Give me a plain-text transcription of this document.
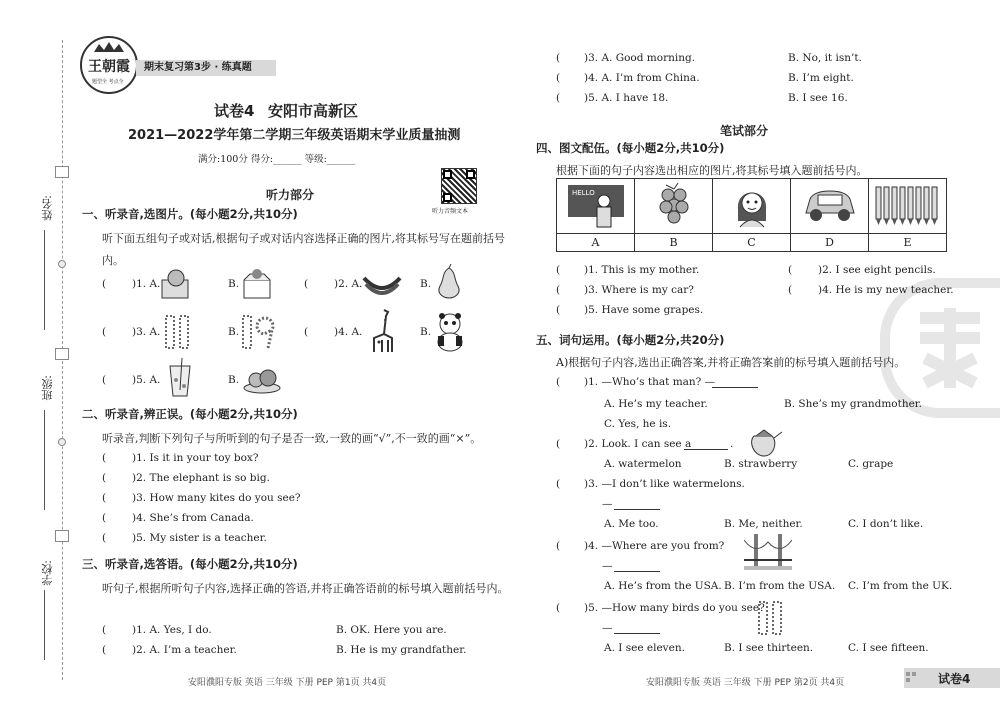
姓名:
班级:
学校:
王朝霞
题型全 考点全
期末复习第3步 · 练真题
试卷4 安阳市高新区
2021—2022学年第二学期三年级英语期末学业质量抽测
满分:100分 得分:______ 等级:______
听力音频文本
听力部分
一、听录音,选图片。(每小题2分,共10分)
听下面五组句子或对话,根据句子或对话内容选择正确的图片,将其标号写在题前括号内。
( )1. A.	B.	( )2. A.	B.
( )3. A.	B.	( )4. A.	B.
( )5. A.	B.
二、听录音,辨正误。(每小题2分,共10分)
听录音,判断下列句子与所听到的句子是否一致,一致的画“√”,不一致的画“×”。
( )1. Is it in your toy box?
( )2. The elephant is so big.
( )3. How many kites do you see?
( )4. She’s from Canada.
( )5. My sister is a teacher.
三、听录音,选答语。(每小题2分,共10分)
听句子,根据所听句子内容,选择正确的答语,并将正确答语前的标号填入题前括号内。
( )1. A. Yes, I do.	B. OK. Here you are.
( )2. A. I’m a teacher.	B. He is my grandfather.
安阳濮阳专版 英语 三年级 下册 PEP 第1页 共4页
( )3. A. Good morning.	B. No, it isn’t.
( )4. A. I’m from China.	B. I’m eight.
( )5. A. I have 18.	B. I see 16.
笔试部分
四、图文配伍。(每小题2分,共10分)
根据下面的句子内容选出相应的图片,将其标号填入题前括号内。
HELLO

A	B	C	D	E
( )1. This is my mother.	( )2. I see eight pencils.
( )3. Where is my car?	( )4. He is my new teacher.
( )5. Have some grapes.
五、词句运用。(每小题2分,共20分)
A)根据句子内容,选出正确答案,并将正确答案前的标号填入题前括号内。
( )1. —Who’s that man? —
A. He’s my teacher.	B. She’s my grandmother.
C. Yes, he is.
( )2. Look. I can see a	.
A. watermelon	B. strawberry	C. grape
( )3. —I don’t like watermelons.
—
A. Me too.	B. Me, neither.	C. I don’t like.
( )4. —Where are you from?
—
A. He’s from the USA. B. I’m from the USA. C. I’m from the UK.
( )5. —How many birds do you see?
—
A. I see eleven.	B. I see thirteen.	C. I see fifteen.
安阳濮阳专版 英语 三年级 下册 PEP 第2页 共4页	试卷4
